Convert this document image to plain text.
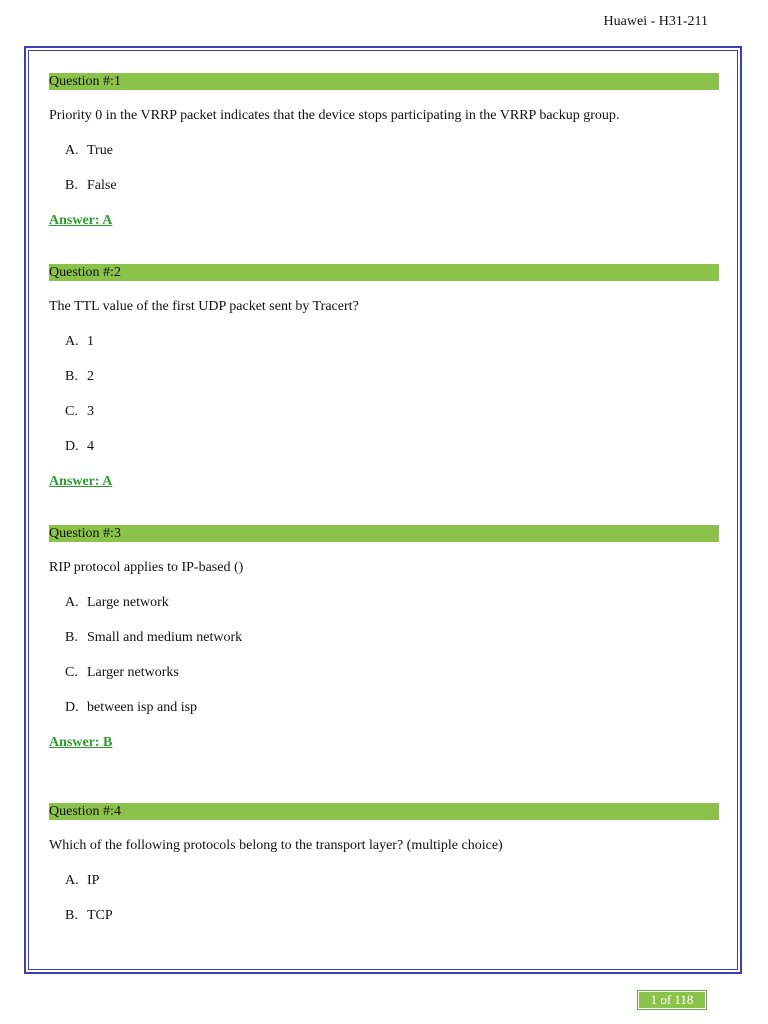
Huawei - H31-211
Question #:1
Priority 0 in the VRRP packet indicates that the device stops participating in the VRRP backup group.
A. True
B. False
Answer: A
Question #:2
The TTL value of the first UDP packet sent by Tracert?
A. 1
B. 2
C. 3
D. 4
Answer: A
Question #:3
RIP protocol applies to IP-based ()
A. Large network
B. Small and medium network
C. Larger networks
D. between isp and isp
Answer: B
Question #:4
Which of the following protocols belong to the transport layer? (multiple choice)
A. IP
B. TCP
1 of 118
